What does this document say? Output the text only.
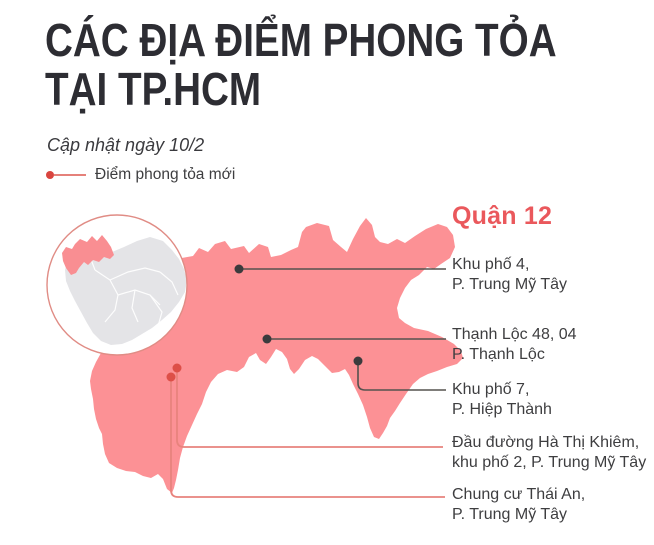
CÁC ĐỊA ĐIỂM PHONG TỎA
TẠI TP.HCM
Cập nhật ngày 10/2
Điểm phong tỏa mới
Quận 12
Khu phố 4,
P. Trung Mỹ Tây
Thạnh Lộc 48, 04
P. Thạnh Lộc
Khu phố 7,
P. Hiệp Thành
Đầu đường Hà Thị Khiêm,
khu phố 2, P. Trung Mỹ Tây
Chung cư Thái An,
P. Trung Mỹ Tây
